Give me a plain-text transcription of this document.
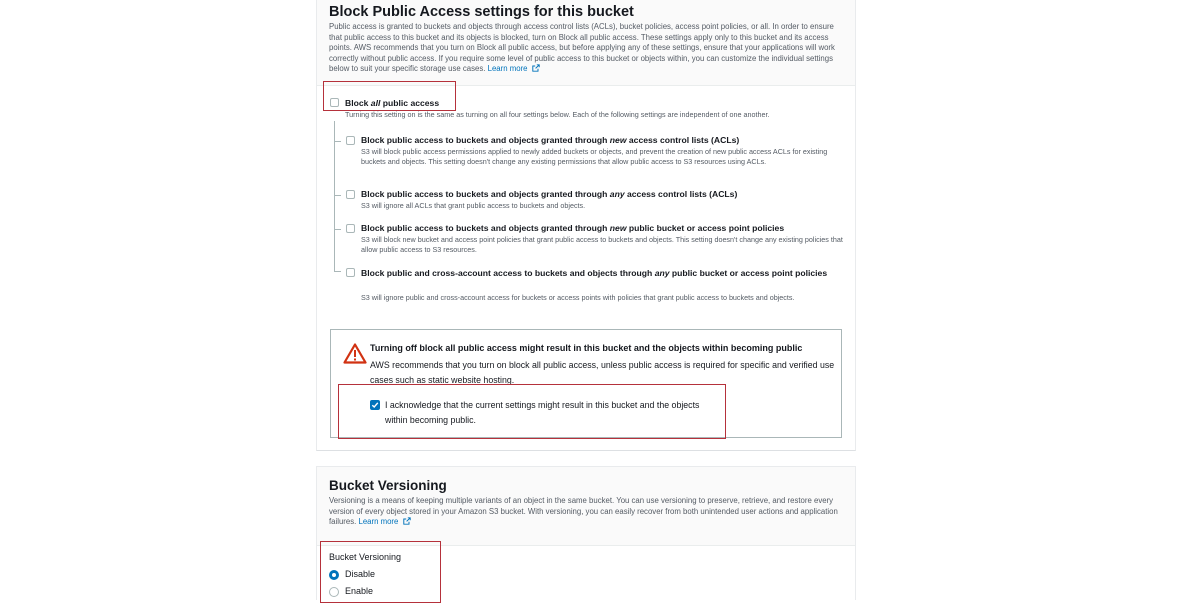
Block Public Access settings for this bucket
Public access is granted to buckets and objects through access control lists (ACLs), bucket policies, access point policies, or all. In order to ensure that public access to this bucket and its objects is blocked, turn on Block all public access. These settings apply only to this bucket and its access points. AWS recommends that you turn on Block all public access, but before applying any of these settings, ensure that your applications will work correctly without public access. If you require some level of public access to this bucket or objects within, you can customize the individual settings below to suit your specific storage use cases. Learn more
Block all public access
Turning this setting on is the same as turning on all four settings below. Each of the following settings are independent of one another.
Block public access to buckets and objects granted through new access control lists (ACLs)
S3 will block public access permissions applied to newly added buckets or objects, and prevent the creation of new public access ACLs for existing buckets and objects. This setting doesn't change any existing permissions that allow public access to S3 resources using ACLs.
Block public access to buckets and objects granted through any access control lists (ACLs)
S3 will ignore all ACLs that grant public access to buckets and objects.
Block public access to buckets and objects granted through new public bucket or access point policies
S3 will block new bucket and access point policies that grant public access to buckets and objects. This setting doesn't change any existing policies that allow public access to S3 resources.
Block public and cross-account access to buckets and objects through any public bucket or access point policies
S3 will ignore public and cross-account access for buckets or access points with policies that grant public access to buckets and objects.
Turning off block all public access might result in this bucket and the objects within becoming public
AWS recommends that you turn on block all public access, unless public access is required for specific and verified use cases such as static website hosting.
I acknowledge that the current settings might result in this bucket and the objects within becoming public.
Bucket Versioning
Versioning is a means of keeping multiple variants of an object in the same bucket. You can use versioning to preserve, retrieve, and restore every version of every object stored in your Amazon S3 bucket. With versioning, you can easily recover from both unintended user actions and application failures. Learn more
Bucket Versioning
Disable
Enable
